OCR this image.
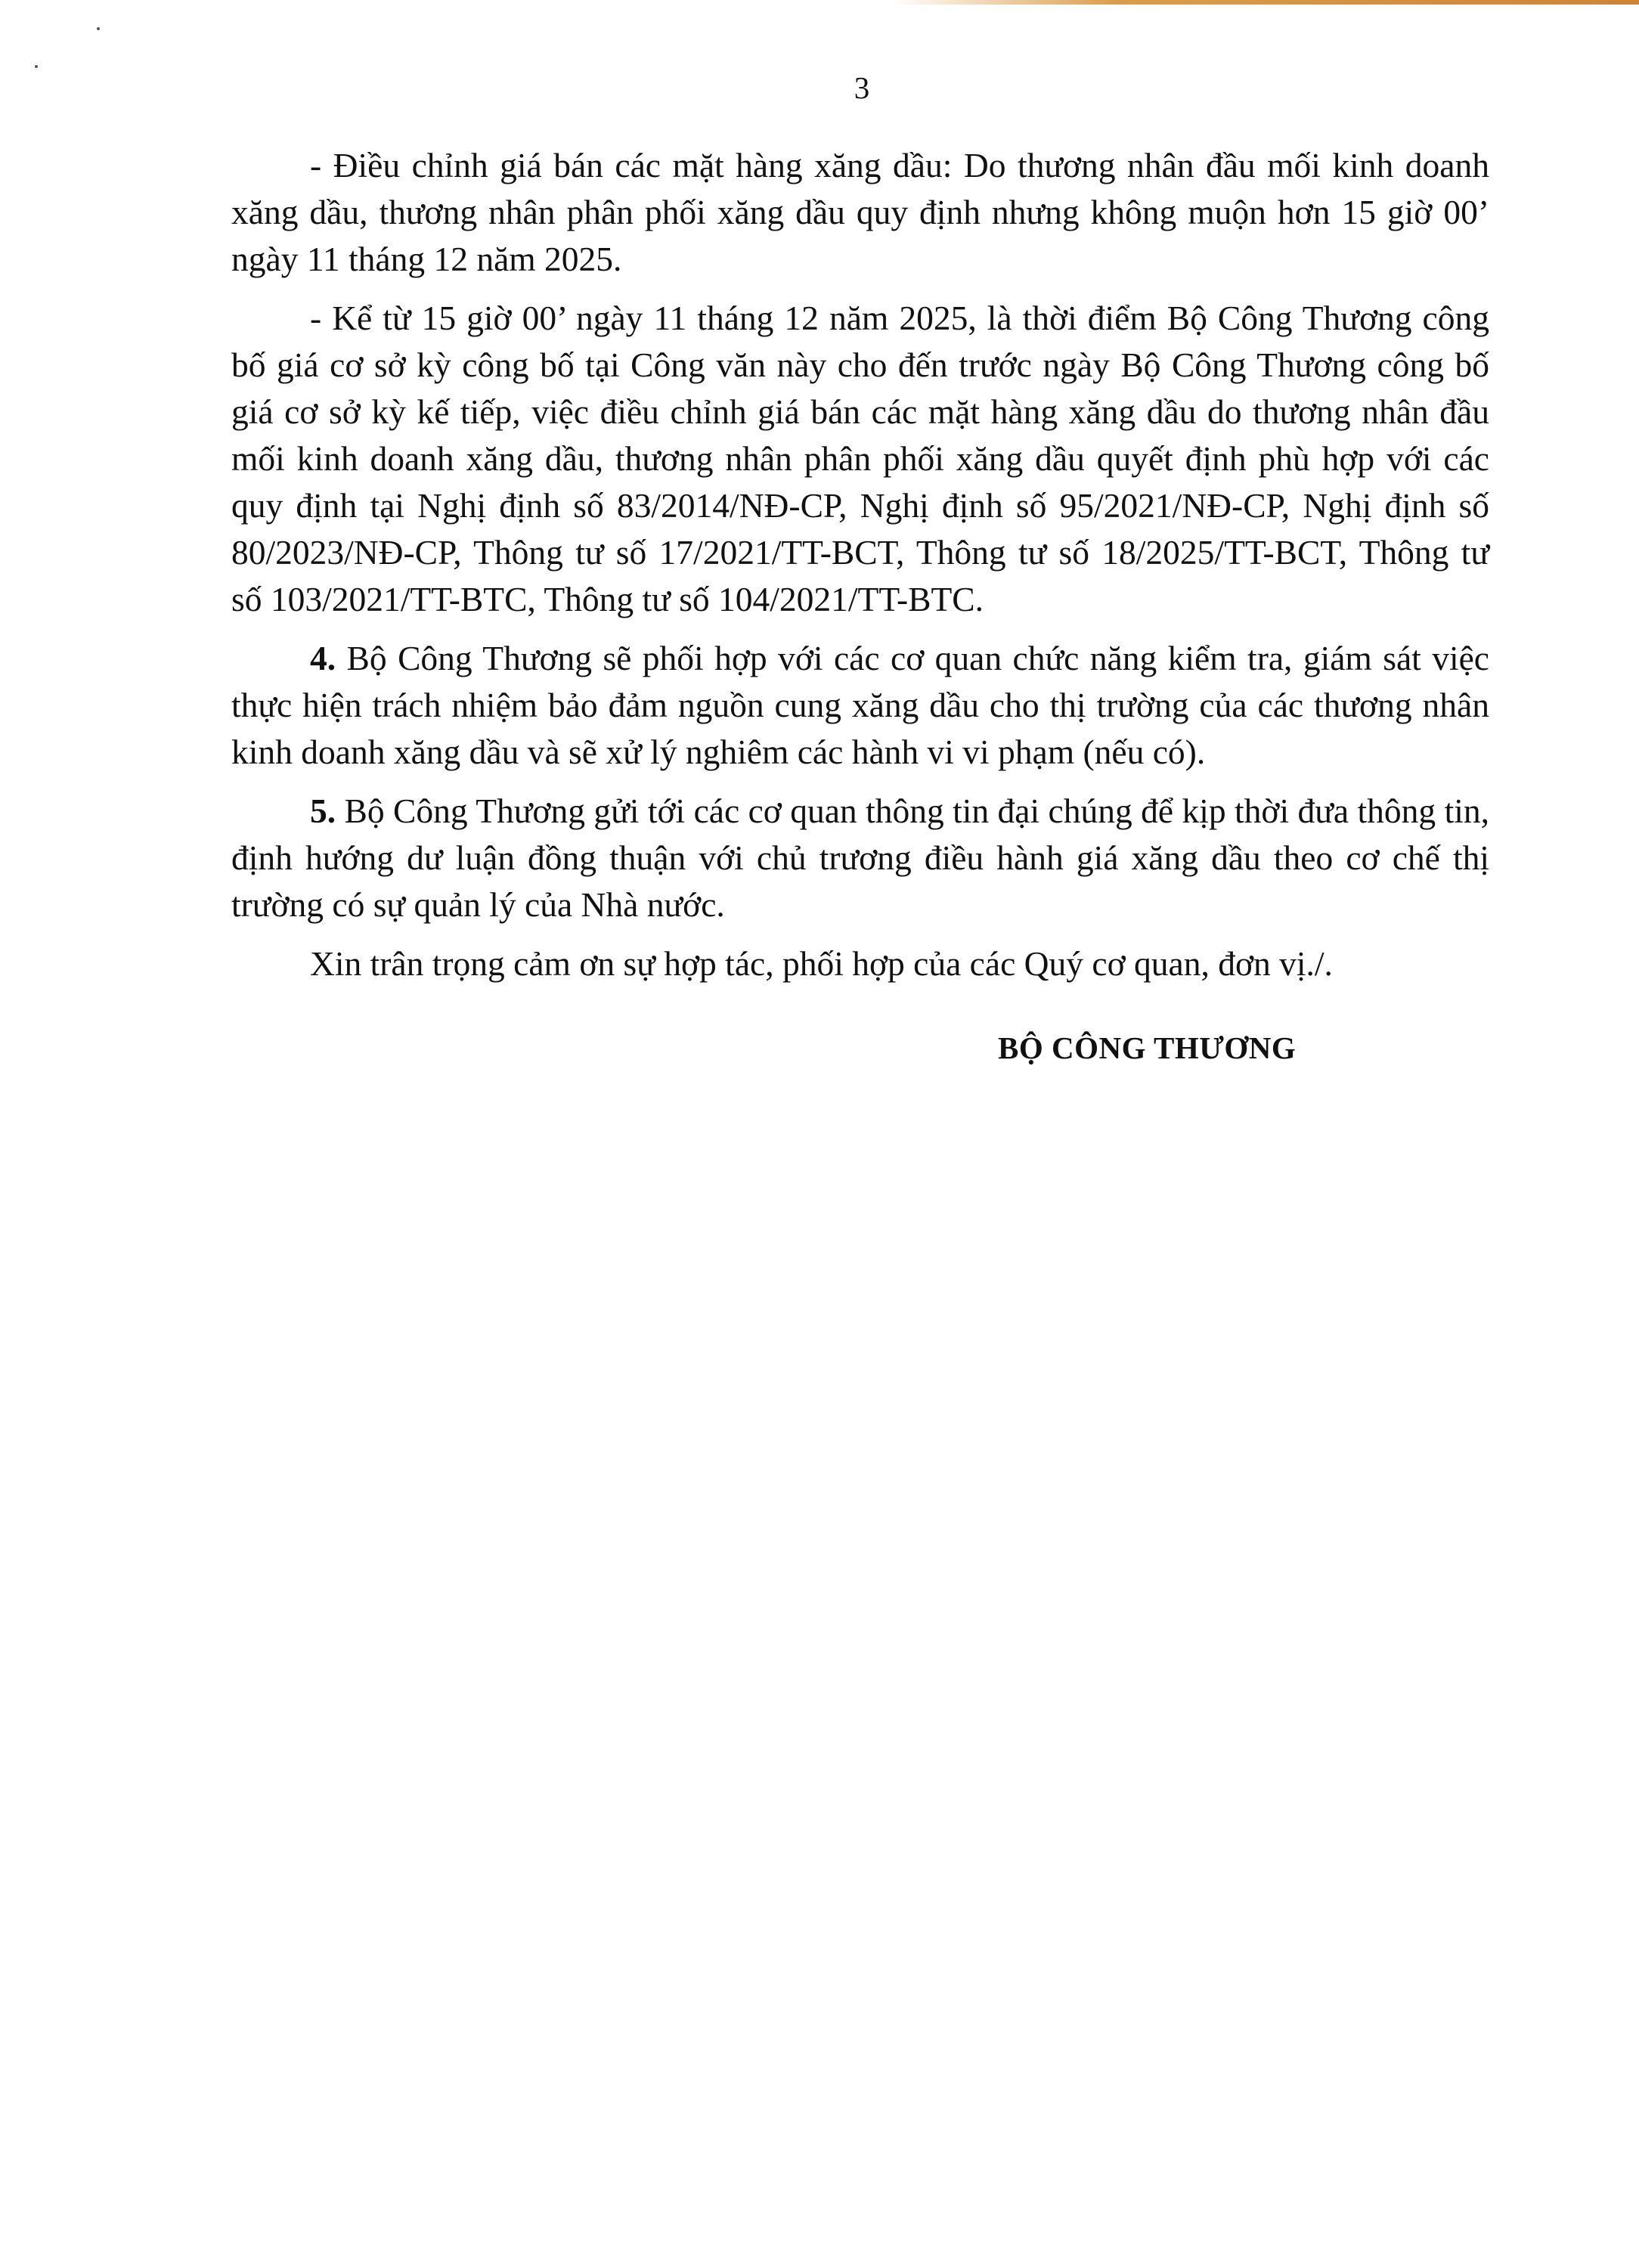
3

- Điều chỉnh giá bán các mặt hàng xăng dầu: Do thương nhân đầu mối kinh doanh xăng dầu, thương nhân phân phối xăng dầu quy định nhưng không muộn hơn 15 giờ 00’ ngày 11 tháng 12 năm 2025.

- Kể từ 15 giờ 00’ ngày 11 tháng 12 năm 2025, là thời điểm Bộ Công Thương công bố giá cơ sở kỳ công bố tại Công văn này cho đến trước ngày Bộ Công Thương công bố giá cơ sở kỳ kế tiếp, việc điều chỉnh giá bán các mặt hàng xăng dầu do thương nhân đầu mối kinh doanh xăng dầu, thương nhân phân phối xăng dầu quyết định phù hợp với các quy định tại Nghị định số 83/2014/NĐ-CP, Nghị định số 95/2021/NĐ-CP, Nghị định số 80/2023/NĐ-CP, Thông tư số 17/2021/TT-BCT, Thông tư số 18/2025/TT-BCT, Thông tư số 103/2021/TT-BTC, Thông tư số 104/2021/TT-BTC.

4. Bộ Công Thương sẽ phối hợp với các cơ quan chức năng kiểm tra, giám sát việc thực hiện trách nhiệm bảo đảm nguồn cung xăng dầu cho thị trường của các thương nhân kinh doanh xăng dầu và sẽ xử lý nghiêm các hành vi vi phạm (nếu có).

5. Bộ Công Thương gửi tới các cơ quan thông tin đại chúng để kịp thời đưa thông tin, định hướng dư luận đồng thuận với chủ trương điều hành giá xăng dầu theo cơ chế thị trường có sự quản lý của Nhà nước.

Xin trân trọng cảm ơn sự hợp tác, phối hợp của các Quý cơ quan, đơn vị./.

BỘ CÔNG THƯƠNG
